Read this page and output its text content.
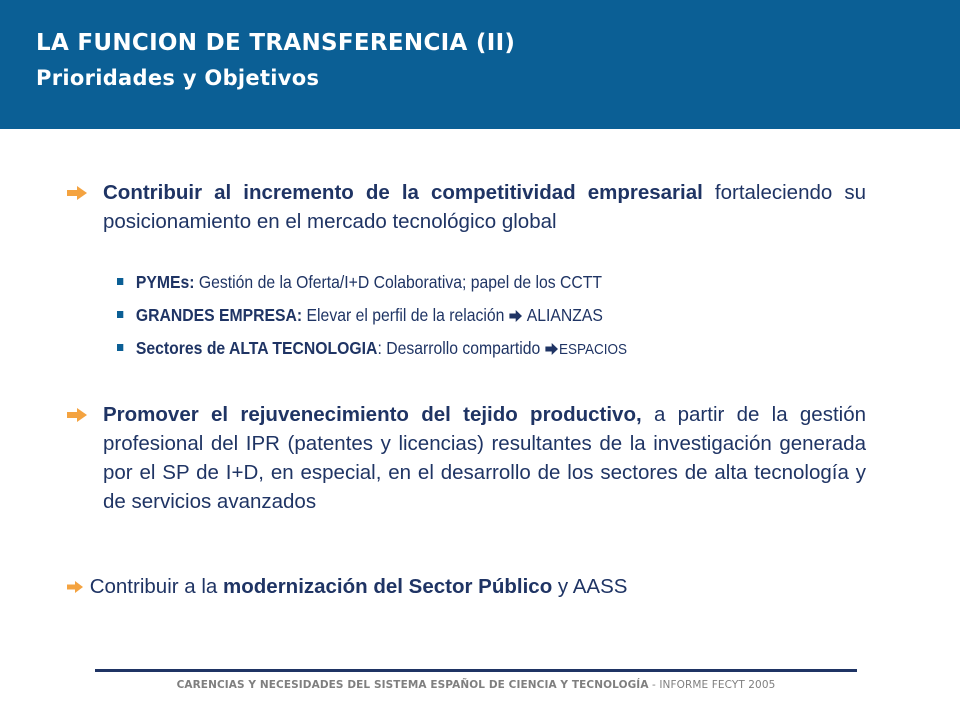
LA FUNCION DE TRANSFERENCIA (II)
Prioridades y Objetivos
Contribuir al incremento de la competitividad empresarial fortaleciendo su posicionamiento en el mercado tecnológico global
PYMEs: Gestión de la Oferta/I+D Colaborativa; papel de los CCTT
GRANDES EMPRESA: Elevar el perfil de la relación
ALIANZAS
Sectores de ALTA TECNOLOGIA: Desarrollo compartido
ESPACIOS
Promover el rejuvenecimiento del tejido productivo, a partir de la gestión profesional del IPR (patentes y licencias) resultantes de la investigación generada por el SP de I+D, en especial, en el desarrollo de los sectores de alta tecnología y de servicios avanzados
Contribuir a la modernización del Sector Público y AASS
CARENCIAS Y NECESIDADES DEL SISTEMA ESPAÑOL DE CIENCIA Y TECNOLOGÍA - INFORME FECYT 2005
